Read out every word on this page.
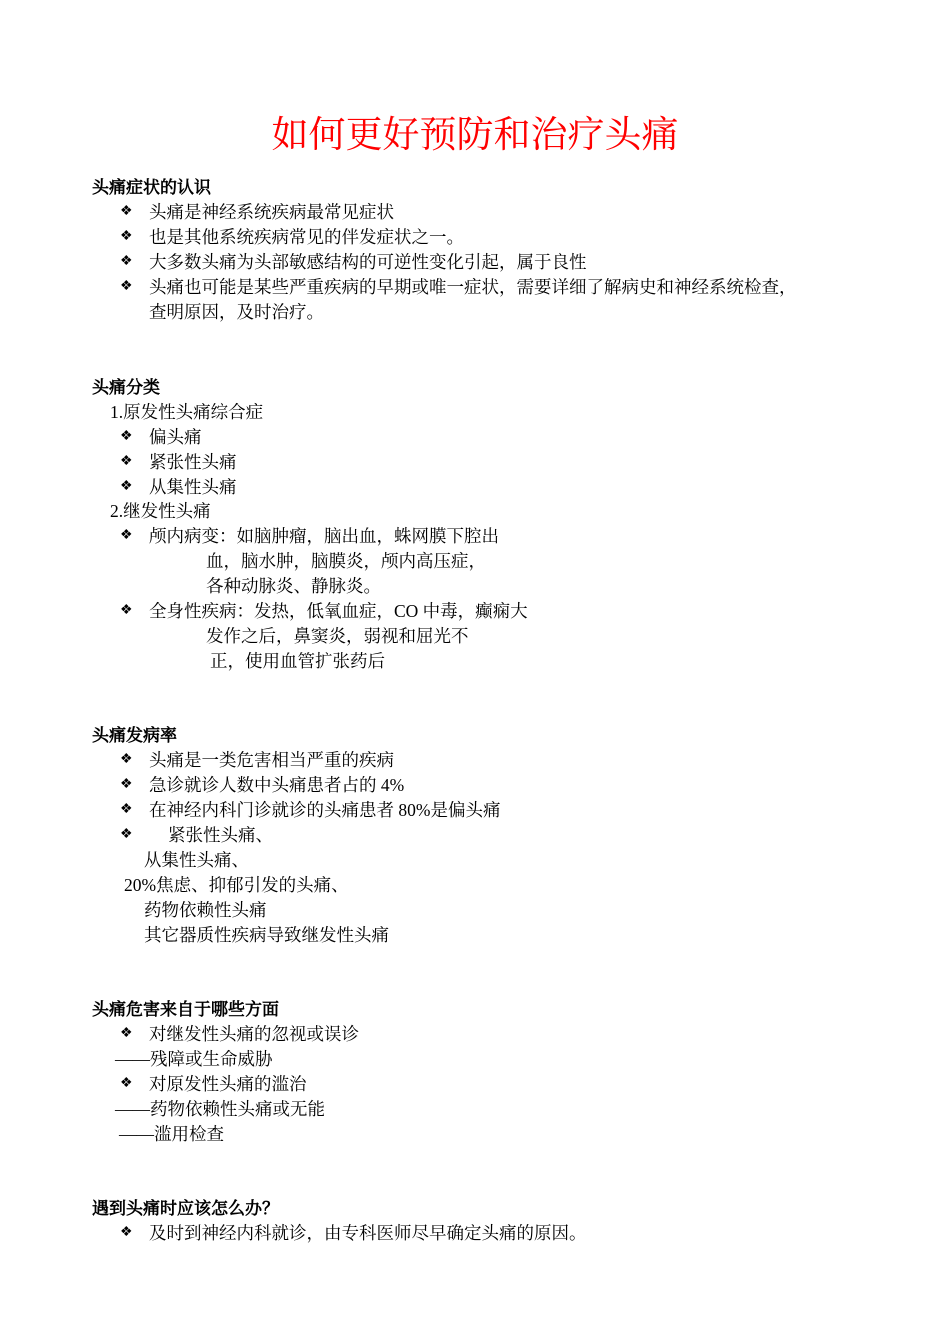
如何更好预防和治疗头痛
头痛症状的认识
❖ 头痛是神经系统疾病最常见症状
❖ 也是其他系统疾病常见的伴发症状之一。
❖ 大多数头痛为头部敏感结构的可逆性变化引起，属于良性
❖ 头痛也可能是某些严重疾病的早期或唯一症状，需要详细了解病史和神经系统检查，
查明原因，及时治疗。
头痛分类
1.原发性头痛综合症
❖ 偏头痛
❖ 紧张性头痛
❖ 从集性头痛
2.继发性头痛
❖ 颅内病变：如脑肿瘤，脑出血，蛛网膜下腔出
血，脑水肿，脑膜炎，颅内高压症，
各种动脉炎、静脉炎。
❖ 全身性疾病：发热，低氧血症，CO 中毒，癫痫大
发作之后，鼻窦炎，弱视和屈光不
正，使用血管扩张药后
头痛发病率
❖ 头痛是一类危害相当严重的疾病
❖ 急诊就诊人数中头痛患者占的 4%
❖ 在神经内科门诊就诊的头痛患者 80%是偏头痛
❖ 紧张性头痛、
从集性头痛、
20%焦虑、抑郁引发的头痛、
药物依赖性头痛
其它器质性疾病导致继发性头痛
头痛危害来自于哪些方面
❖ 对继发性头痛的忽视或误诊
——残障或生命威胁
❖ 对原发性头痛的滥治
——药物依赖性头痛或无能
——滥用检查
遇到头痛时应该怎么办？
❖ 及时到神经内科就诊，由专科医师尽早确定头痛的原因。
